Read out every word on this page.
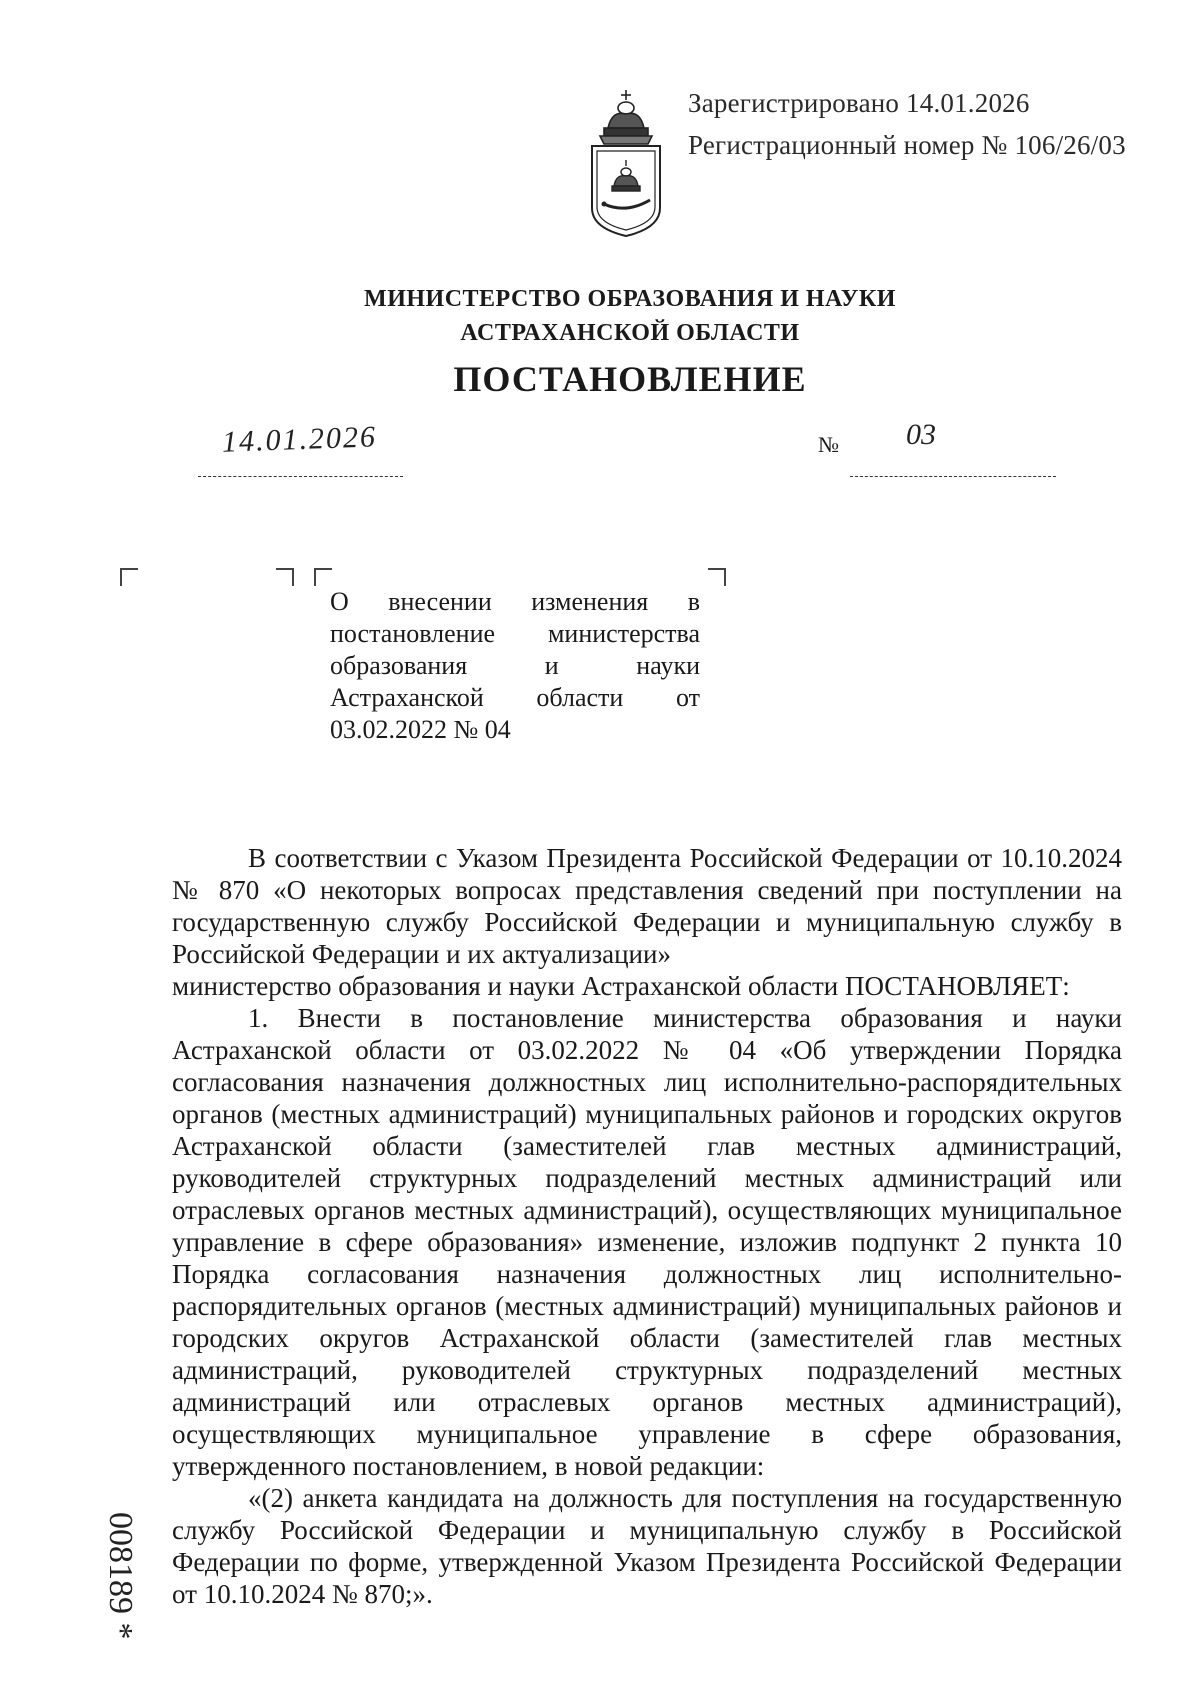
Зарегистрировано 14.01.2026
Регистрационный номер № 106/26/03
МИНИСТЕРСТВО ОБРАЗОВАНИЯ И НАУКИ
АСТРАХАНСКОЙ ОБЛАСТИ
ПОСТАНОВЛЕНИЕ
14.01.2026	№ 03
О внесении изменения в постановление министерства образования и науки Астраханской области от 03.02.2022 № 04

В соответствии с Указом Президента Российской Федерации от 10.10.2024 № 870 «О некоторых вопросах представления сведений при поступлении на государственную службу Российской Федерации и муниципальную службу в Российской Федерации и их актуализации»

министерство образования и науки Астраханской области ПОСТАНОВЛЯЕТ:

1. Внести в постановление министерства образования и науки Астраханской области от 03.02.2022 № 04 «Об утверждении Порядка согласования назначения должностных лиц исполнительно-распорядительных органов (местных администраций) муниципальных районов и городских округов Астраханской области (заместителей глав местных администраций, руководителей структурных подразделений местных администраций или отраслевых органов местных администраций), осуществляющих муниципальное управление в сфере образования» изменение, изложив подпункт 2 пункта 10 Порядка согласования назначения должностных лиц исполнительно-распорядительных органов (местных администраций) муниципальных районов и городских округов Астраханской области (заместителей глав местных администраций, руководителей структурных подразделений местных администраций или отраслевых органов местных администраций), осуществляющих муниципальное управление в сфере образования, утвержденного постановлением, в новой редакции:

«(2) анкета кандидата на должность для поступления на государственную службу Российской Федерации и муниципальную службу в Российской Федерации по форме, утвержденной Указом Президента Российской Федерации от 10.10.2024 № 870;».

008189 *
